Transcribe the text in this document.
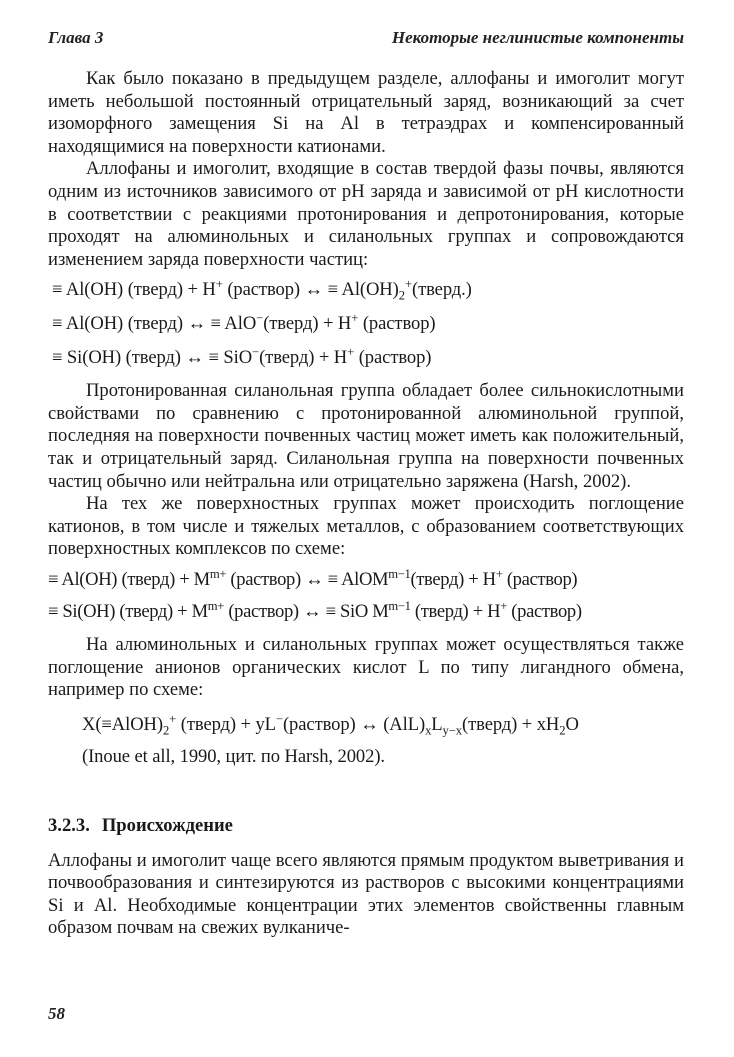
Глава 3	Некоторые неглинистые компоненты

Как было показано в предыдущем разделе, аллофаны и имоголит могут иметь небольшой постоянный отрицательный заряд, возникающий за счет изоморфного замещения Si на Al в тетраэдрах и компенсированный находящимися на поверхности катионами.

Аллофаны и имоголит, входящие в состав твердой фазы почвы, являются одним из источников зависимого от pH заряда и зависимой от pH кислотности в соответствии с реакциями протонирования и депротонирования, которые проходят на алюминольных и силанольных группах и сопровождаются изменением заряда поверхности частиц:

≡ Al(OH) (тверд) + H+ (раствор) ↔ ≡ $Al(OH)_2^+(тверд.)$
≡ Al(OH) (тверд) ↔ ≡ AlO−(тверд) + H+ (раствор)
≡ Si(OH) (тверд) ↔ ≡ SiO−(тверд) + H+ (раствор)

Протонированная силанольная группа обладает более сильнокислотными свойствами по сравнению с протонированной алюминольной группой, последняя на поверхности почвенных частиц может иметь как положительный, так и отрицательный заряд. Силанольная группа на поверхности почвенных частиц обычно или нейтральна или отрицательно заряжена (Harsh, 2002).

На тех же поверхностных группах может происходить поглощение катионов, в том числе и тяжелых металлов, с образованием соответствующих поверхностных комплексов по схеме:

≡ Al(OH) (тверд) + $M^{m+}$ (раствор) ↔ ≡ AlOM$^{m-1}$(тверд) + H+ (раствор)
≡ Si(OH) (тверд) + $M^{m+}$ (раствор) ↔ ≡ SiO $M^{m-1}$ (тверд) + H+ (раствор)

На алюминольных и силанольных группах может осуществляться также поглощение анионов органических кислот L по типу лигандного обмена, например по схеме:

$X(\equiv AlOH)_2^+$ (тверд) + yL−(раствор) ↔ $(AlL)_xL_{y-x}(тверд) + xH_2O$
(Inoue et all, 1990, цит. по Harsh, 2002).
3.2.3. Происхождение

Аллофаны и имоголит чаще всего являются прямым продуктом выветривания и почвообразования и синтезируются из растворов с высокими концентрациями Si и Al. Необходимые концентрации этих элементов свойственны главным образом почвам на свежих вулканиче-

58
